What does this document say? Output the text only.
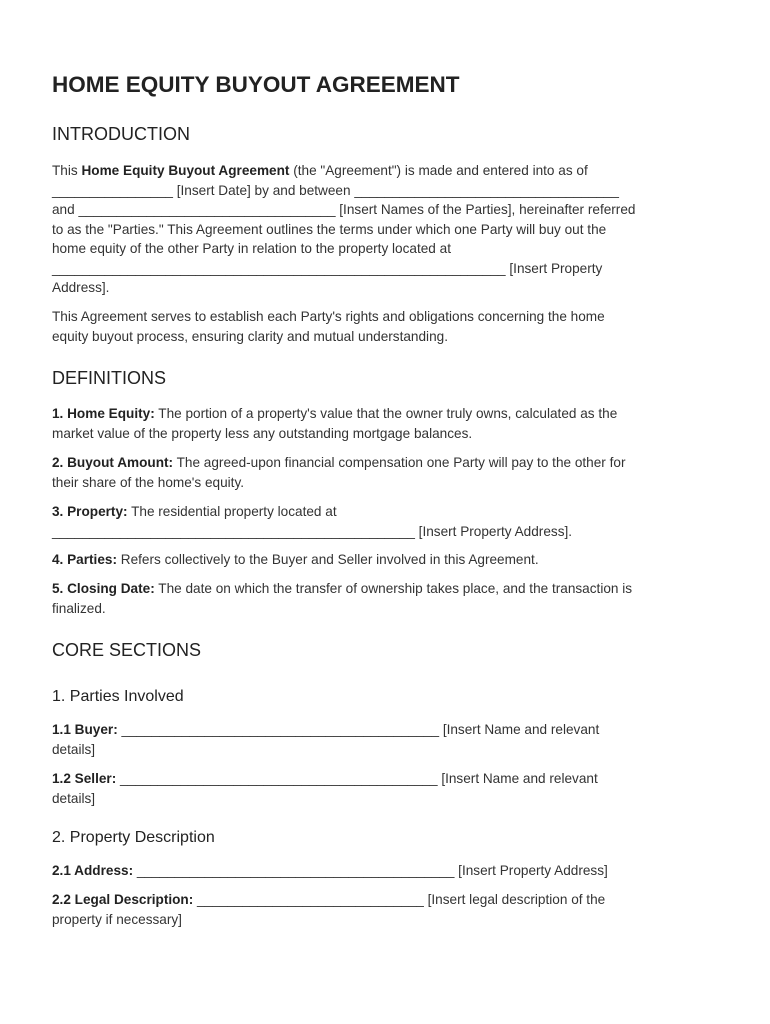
HOME EQUITY BUYOUT AGREEMENT
INTRODUCTION

This Home Equity Buyout Agreement (the "Agreement") is made and entered into as of
________________ [Insert Date] by and between ___________________________________
and __________________________________ [Insert Names of the Parties], hereinafter referred
to as the "Parties." This Agreement outlines the terms under which one Party will buy out the
home equity of the other Party in relation to the property located at
____________________________________________________________ [Insert Property
Address].

This Agreement serves to establish each Party's rights and obligations concerning the home
equity buyout process, ensuring clarity and mutual understanding.

DEFINITIONS

1. Home Equity: The portion of a property's value that the owner truly owns, calculated as the
market value of the property less any outstanding mortgage balances.

2. Buyout Amount: The agreed-upon financial compensation one Party will pay to the other for
their share of the home's equity.

3. Property: The residential property located at
________________________________________________ [Insert Property Address].

4. Parties: Refers collectively to the Buyer and Seller involved in this Agreement.

5. Closing Date: The date on which the transfer of ownership takes place, and the transaction is
finalized.

CORE SECTIONS
1. Parties Involved

1.1 Buyer: __________________________________________ [Insert Name and relevant
details]

1.2 Seller: __________________________________________ [Insert Name and relevant
details]

2. Property Description

2.1 Address: __________________________________________ [Insert Property Address]

2.2 Legal Description: ______________________________ [Insert legal description of the
property if necessary]
